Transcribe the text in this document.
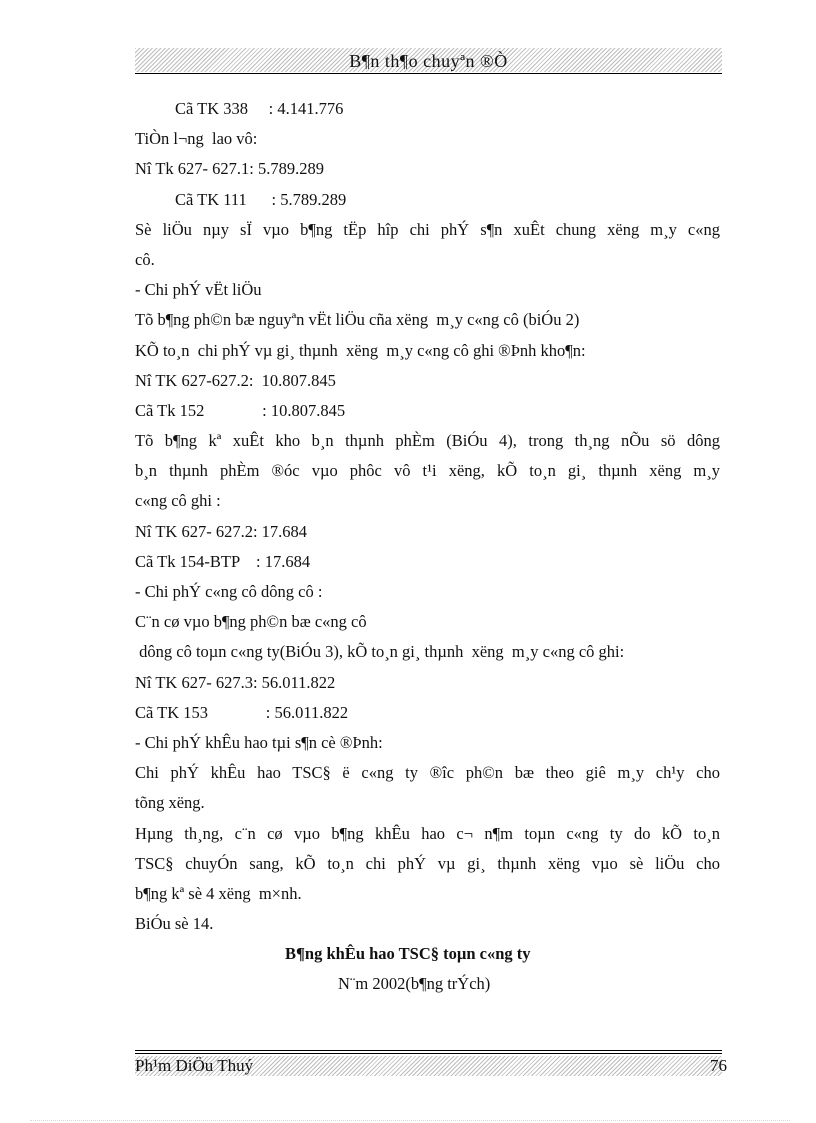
B¶n th¶o chuyªn ®Ò
Cã TK 338     : 4.141.776
TiÒn l¬ng  lao vô:
Nî Tk 627- 627.1: 5.789.289
Cã TK 111      : 5.789.289
Sè liÖu nµy sÏ vµo b¶ng tËp hîp chi phÝ s¶n xuÊt chung xëng m¸y c«ng
cô.
- Chi phÝ vËt liÖu
Tõ b¶ng ph©n bæ nguyªn vËt liÖu cña xëng  m¸y c«ng cô (biÓu 2)
KÕ to¸n  chi phÝ vµ gi¸ thµnh  xëng  m¸y c«ng cô ghi ®Þnh kho¶n:
Nî TK 627-627.2:  10.807.845
Cã Tk 152              : 10.807.845
Tõ b¶ng kª xuÊt kho b¸n thµnh phÈm (BiÓu 4), trong th¸ng nÕu sö dông
b¸n thµnh phÈm ®óc vµo phôc vô t¹i xëng, kÕ to¸n gi¸ thµnh xëng m¸y
c«ng cô ghi :
Nî TK 627- 627.2: 17.684
Cã Tk 154-BTP    : 17.684
- Chi phÝ c«ng cô dông cô :
C¨n cø vµo b¶ng ph©n bæ c«ng cô
dông cô toµn c«ng ty(BiÓu 3), kÕ to¸n gi¸ thµnh  xëng  m¸y c«ng cô ghi:
Nî TK 627- 627.3: 56.011.822
Cã TK 153              : 56.011.822
- Chi phÝ khÊu hao tµi s¶n cè ®Þnh:
Chi phÝ khÊu hao TSC§ ë c«ng ty ®îc ph©n bæ theo giê m¸y ch¹y cho
tõng xëng.
Hµng th¸ng, c¨n cø vµo b¶ng khÊu hao c¬ n¶m toµn c«ng ty do kÕ to¸n
TSC§ chuyÓn sang, kÕ to¸n chi phÝ vµ gi¸ thµnh xëng vµo sè liÖu cho
b¶ng kª sè 4 xëng  m×nh.
BiÓu sè 14.
B¶ng khÊu hao TSC§ toµn c«ng ty
N¨m 2002(b¶ng trÝch)
Ph¹m DiÖu Thuý	76
